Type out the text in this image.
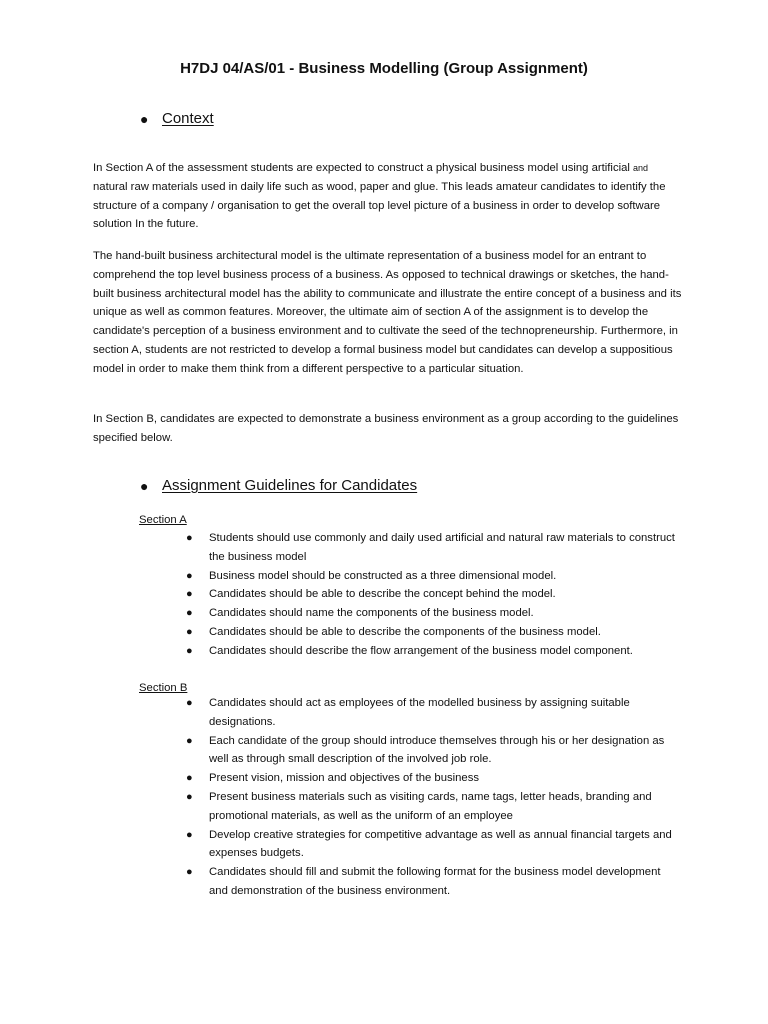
H7DJ 04/AS/01 - Business Modelling (Group Assignment)
● Context

In Section A of the assessment students are expected to construct a physical business model using artificial and natural raw materials used in daily life such as wood, paper and glue. This leads amateur candidates to identify the structure of a company / organisation to get the overall top level picture of a business in order to develop software solution In the future.

The hand-built business architectural model is the ultimate representation of a business model for an entrant to comprehend the top level business process of a business. As opposed to technical drawings or sketches, the hand-built business architectural model has the ability to communicate and illustrate the entire concept of a business and its unique as well as common features. Moreover, the ultimate aim of section A of the assignment is to develop the candidate's perception of a business environment and to cultivate the seed of the technopreneurship. Furthermore, in section A, students are not restricted to develop a formal business model but candidates can develop a suppositious model in order to make them think from a different perspective to a particular situation.

In Section B, candidates are expected to demonstrate a business environment as a group according to the guidelines specified below.

● Assignment Guidelines for Candidates
Section A
● Students should use commonly and daily used artificial and natural raw materials to construct the business model
● Business model should be constructed as a three dimensional model.
● Candidates should be able to describe the concept behind the model.
● Candidates should name the components of the business model.
● Candidates should be able to describe the components of the business model.
● Candidates should describe the flow arrangement of the business model component.
Section B
● Candidates should act as employees of the modelled business by assigning suitable designations.
● Each candidate of the group should introduce themselves through his or her designation as well as through small description of the involved job role.
● Present vision, mission and objectives of the business
● Present business materials such as visiting cards, name tags, letter heads, branding and promotional materials, as well as the uniform of an employee
● Develop creative strategies for competitive advantage as well as annual financial targets and expenses budgets.
● Candidates should fill and submit the following format for the business model development and demonstration of the business environment.
